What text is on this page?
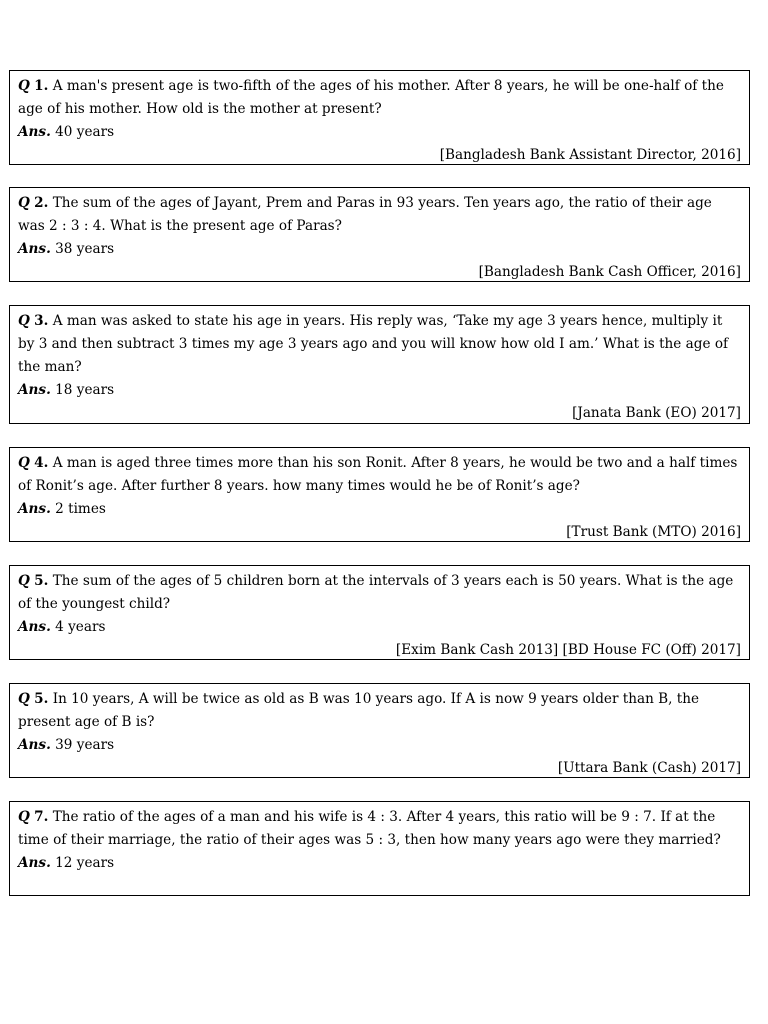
Q 1. A man's present age is two-fifth of the ages of his mother. After 8 years, he will be one-half of the age of his mother. How old is the mother at present?

Ans. 40 years

[Bangladesh Bank Assistant Director, 2016]

Q 2. The sum of the ages of Jayant, Prem and Paras in 93 years. Ten years ago, the ratio of their age was 2 : 3 : 4. What is the present age of Paras?

Ans. 38 years

[Bangladesh Bank Cash Officer, 2016]

Q 3. A man was asked to state his age in years. His reply was, ‘Take my age 3 years hence, multiply it by 3 and then subtract 3 times my age 3 years ago and you will know how old I am.’ What is the age of the man?

Ans. 18 years

[Janata Bank (EO) 2017]

Q 4. A man is aged three times more than his son Ronit. After 8 years, he would be two and a half times of Ronit’s age. After further 8 years. how many times would he be of Ronit’s age?

Ans. 2 times

[Trust Bank (MTO) 2016]

Q 5. The sum of the ages of 5 children born at the intervals of 3 years each is 50 years. What is the age of the youngest child?

Ans. 4 years

[Exim Bank Cash 2013] [BD House FC (Off) 2017]

Q 5. In 10 years, A will be twice as old as B was 10 years ago. If A is now 9 years older than B, the present age of B is?

Ans. 39 years

[Uttara Bank (Cash) 2017]

Q 7. The ratio of the ages of a man and his wife is 4 : 3. After 4 years, this ratio will be 9 : 7. If at the time of their marriage, the ratio of their ages was 5 : 3, then how many years ago were they married?

Ans. 12 years
